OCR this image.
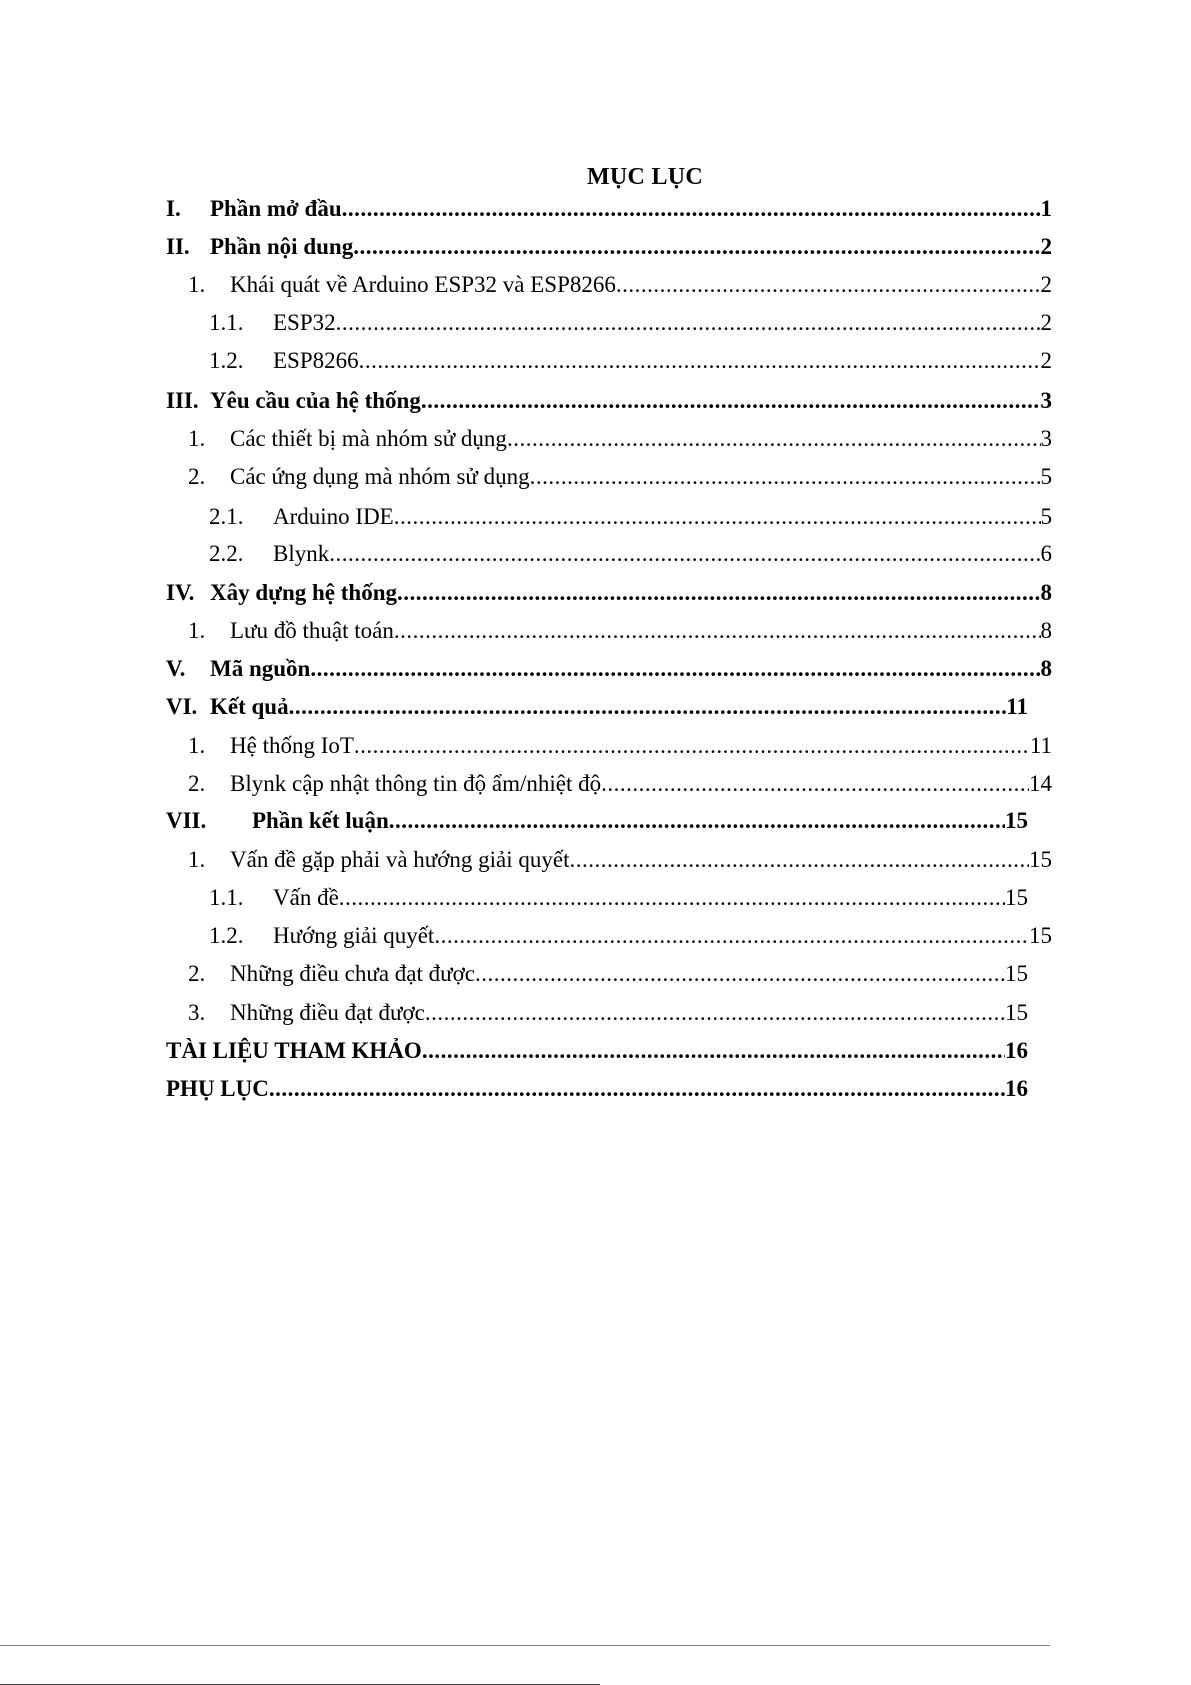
MỤC LỤC
I.	Phần mở đầu .....	1
II. Phần nội dung .....	2
1.	Khái quát về Arduino ESP32 và ESP8266 .....	2
1.1.	ESP32 .....	2
1.2.	ESP8266 .....	2
III. Yêu cầu của hệ thống .....	3
1.	Các thiết bị mà nhóm sử dụng .....	3
2.	Các ứng dụng mà nhóm sử dụng .....	5
2.1.	Arduino IDE .....	5
2.2.	Blynk .....	6
IV. Xây dựng hệ thống .....	8
1.	Lưu đồ thuật toán .....	8
V.	Mã nguồn .....	8
VI. Kết quả .....	11
1.	Hệ thống IoT .....	11
2.	Blynk cập nhật thông tin độ ẩm/nhiệt độ .....	14
VII.	Phần kết luận .....	15
1.	Vấn đề gặp phải và hướng giải quyết .....	15
1.1.	Vấn đề .....	15
1.2.	Hướng giải quyết .....	15
2.	Những điều chưa đạt được .....	15
3.	Những điều đạt được .....	15
TÀI LIỆU THAM KHẢO .....	16
PHỤ LỤC .....	16
